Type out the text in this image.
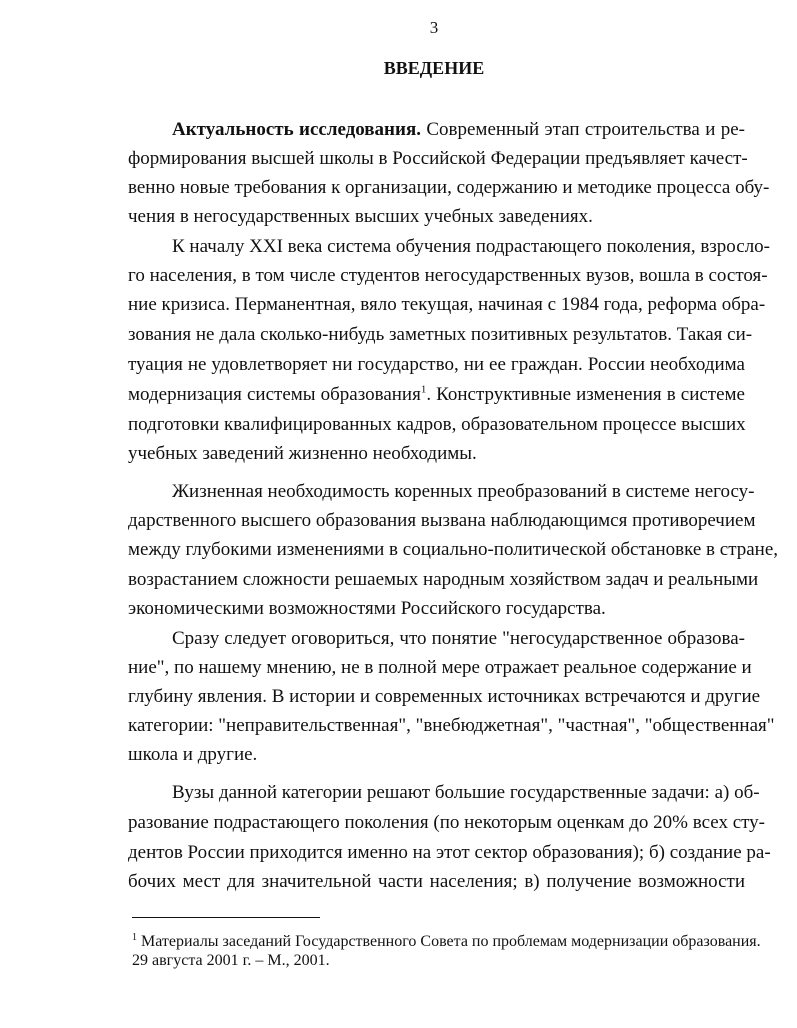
3
ВВЕДЕНИЕ
Актуальность исследования. Современный этап строительства и ре-
формирования высшей школы в Российской Федерации предъявляет качест-
венно новые требования к организации, содержанию и методике процесса обу-
чения в негосударственных высших учебных заведениях.
К началу XXI века система обучения подрастающего поколения, взросло-
го населения, в том числе студентов негосударственных вузов, вошла в состоя-
ние кризиса. Перманентная, вяло текущая, начиная с 1984 года, реформа обра-
зования не дала сколько-нибудь заметных позитивных результатов. Такая си-
туация не удовлетворяет ни государство, ни ее граждан. России необходима
модернизация системы образования$^1$. Конструктивные изменения в системе
подготовки квалифицированных кадров, образовательном процессе высших
учебных заведений жизненно необходимы.
Жизненная необходимость коренных преобразований в системе негосу-
дарственного высшего образования вызвана наблюдающимся противоречием
между глубокими изменениями в социально-политической обстановке в стране,
возрастанием сложности решаемых народным хозяйством задач и реальными
экономическими возможностями Российского государства.
Сразу следует оговориться, что понятие "негосударственное образова-
ние", по нашему мнению, не в полной мере отражает реальное содержание и
глубину явления. В истории и современных источниках встречаются и другие
категории: "неправительственная", "внебюджетная", "частная", "общественная"
школа и другие.
Вузы данной категории решают большие государственные задачи: а) об-
разование подрастающего поколения (по некоторым оценкам до 20% всех сту-
дентов России приходится именно на этот сектор образования); б) создание ра-
бочих мест для значительной части населения; в) получение возможности
$^1$ Материалы заседаний Государственного Совета по проблемам модернизации образования.
29 августа 2001 г. – М., 2001.
